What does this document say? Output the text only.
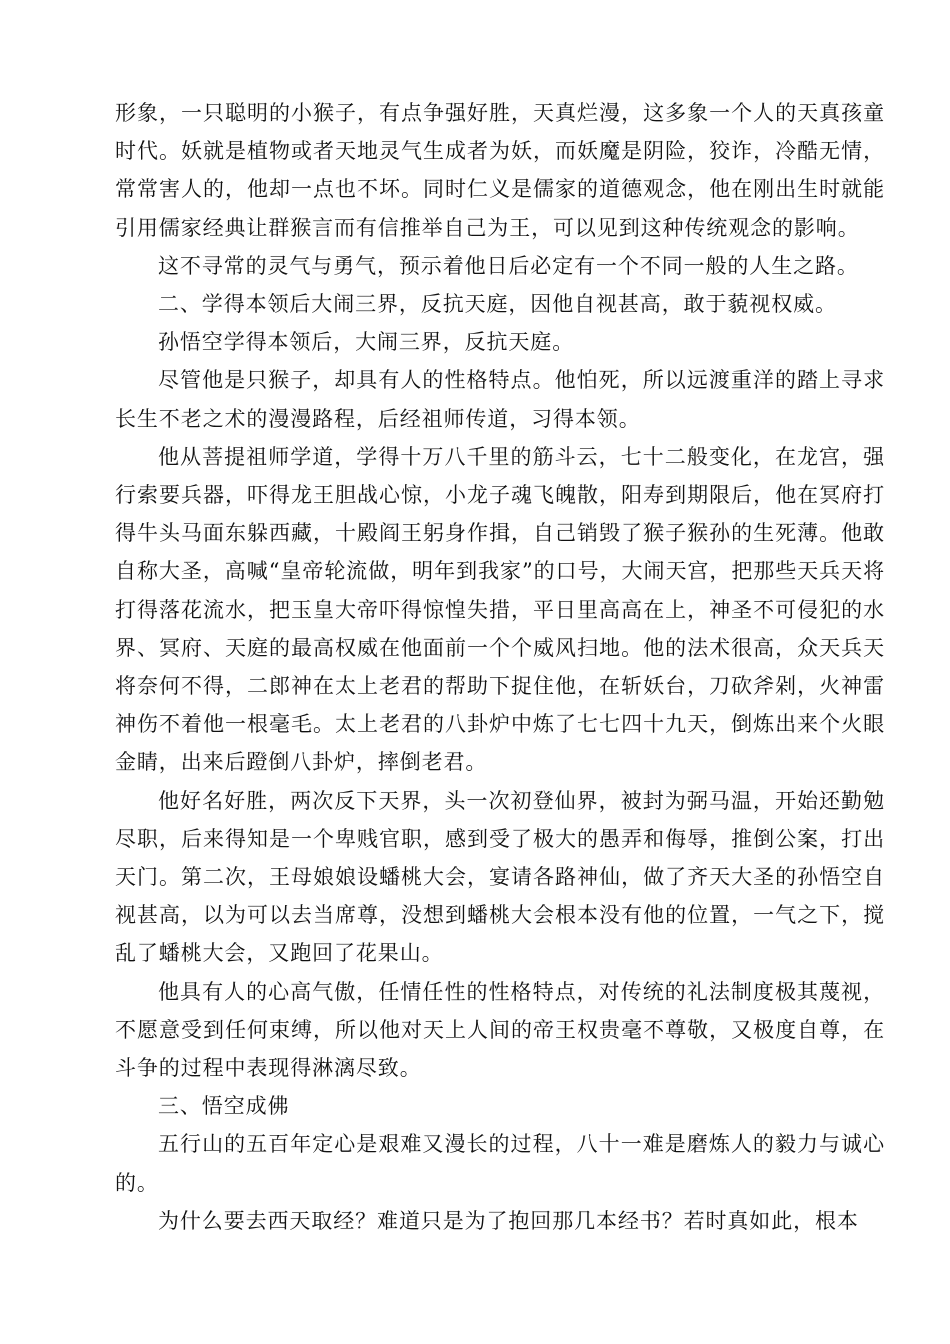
形象，一只聪明的小猴子，有点争强好胜，天真烂漫，这多象一个人的天真孩童时代。妖就是植物或者天地灵气生成者为妖，而妖魔是阴险，狡诈，冷酷无情，常常害人的，他却一点也不坏。同时仁义是儒家的道德观念，他在刚出生时就能引用儒家经典让群猴言而有信推举自己为王，可以见到这种传统观念的影响。

这不寻常的灵气与勇气，预示着他日后必定有一个不同一般的人生之路。

二、学得本领后大闹三界，反抗天庭，因他自视甚高，敢于藐视权威。

孙悟空学得本领后，大闹三界，反抗天庭。

尽管他是只猴子，却具有人的性格特点。他怕死，所以远渡重洋的踏上寻求长生不老之术的漫漫路程，后经祖师传道，习得本领。

他从菩提祖师学道，学得十万八千里的筋斗云，七十二般变化，在龙宫，强行索要兵器，吓得龙王胆战心惊，小龙子魂飞魄散，阳寿到期限后，他在冥府打得牛头马面东躲西藏，十殿阎王躬身作揖，自己销毁了猴子猴孙的生死薄。他敢自称大圣，高喊“皇帝轮流做，明年到我家”的口号，大闹天宫，把那些天兵天将打得落花流水，把玉皇大帝吓得惊惶失措，平日里高高在上，神圣不可侵犯的水界、冥府、天庭的最高权威在他面前一个个威风扫地。他的法术很高，众天兵天将奈何不得，二郎神在太上老君的帮助下捉住他，在斩妖台，刀砍斧剁，火神雷神伤不着他一根毫毛。太上老君的八卦炉中炼了七七四十九天，倒炼出来个火眼金睛，出来后蹬倒八卦炉，摔倒老君。

他好名好胜，两次反下天界，头一次初登仙界，被封为弼马温，开始还勤勉尽职，后来得知是一个卑贱官职，感到受了极大的愚弄和侮辱，推倒公案，打出天门。第二次，王母娘娘设蟠桃大会，宴请各路神仙，做了齐天大圣的孙悟空自视甚高，以为可以去当席尊，没想到蟠桃大会根本没有他的位置，一气之下，搅乱了蟠桃大会，又跑回了花果山。

他具有人的心高气傲，任情任性的性格特点，对传统的礼法制度极其蔑视，不愿意受到任何束缚，所以他对天上人间的帝王权贵毫不尊敬，又极度自尊，在斗争的过程中表现得淋漓尽致。

三、悟空成佛

五行山的五百年定心是艰难又漫长的过程，八十一难是磨炼人的毅力与诚心的。

为什么要去西天取经？难道只是为了抱回那几本经书？若时真如此，根本
